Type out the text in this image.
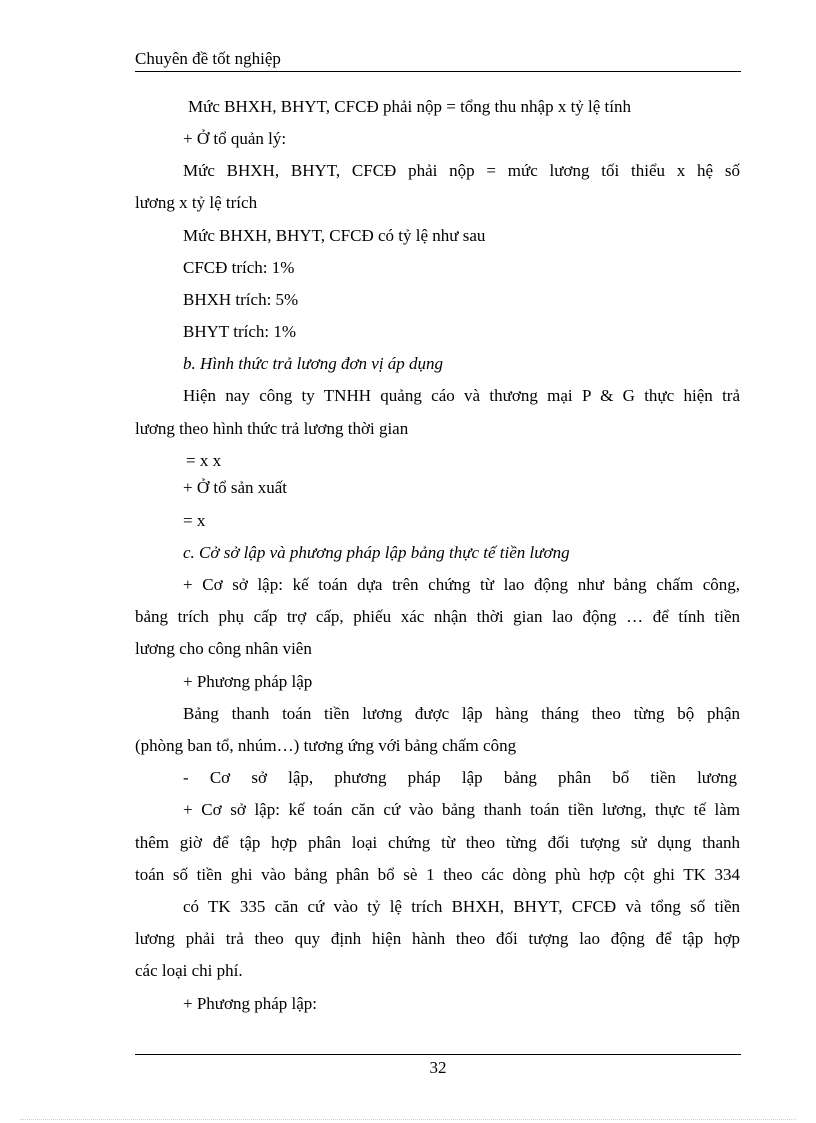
Chuyên đề tốt nghiệp
Mức BHXH, BHYT, CFCĐ phải nộp = tổng thu nhập x tỷ lệ tính
+ Ở tổ quản lý:
Mức BHXH, BHYT, CFCĐ phải nộp = mức lương tối thiểu x hệ số
lương x tỷ lệ trích
Mức BHXH, BHYT, CFCĐ có tỷ lệ như sau
CFCĐ trích: 1%
BHXH trích: 5%
BHYT trích: 1%
b. Hình thức trả lương đơn vị áp dụng
Hiện nay công ty TNHH quảng cáo và thương mại P & G thực hiện trả
lương theo hình thức trả lương thời gian
= x x
+ Ở tổ sản xuất
= x
c. Cở sở lập và phương pháp lập bảng thực tế tiền lương
+ Cơ sở lập: kế toán dựa trên chứng từ lao động như bảng chấm công,
bảng trích phụ cấp trợ cấp, phiếu xác nhận thời gian lao động … để tính tiền
lương cho công nhân viên
+ Phương pháp lập
Bảng thanh toán tiền lương được lập hàng tháng theo từng bộ phận
(phòng ban tổ, nhúm…) tương ứng với bảng chấm công
- Cơ sở lập, phương pháp lập bảng phân bổ tiền lương
+ Cơ sở lập: kế toán căn cứ vào bảng thanh toán tiền lương, thực tế làm
thêm giờ để tập hợp phân loại chứng từ theo từng đối tượng sử dụng thanh
toán số tiền ghi vào bảng phân bổ sè 1 theo các dòng phù hợp cột ghi TK 334
có TK 335 căn cứ vào tỷ lệ trích BHXH, BHYT, CFCĐ và tổng số tiền
lương phải trả theo quy định hiện hành theo đối tượng lao động để tập hợp
các loại chi phí.
+ Phương pháp lập:
32
